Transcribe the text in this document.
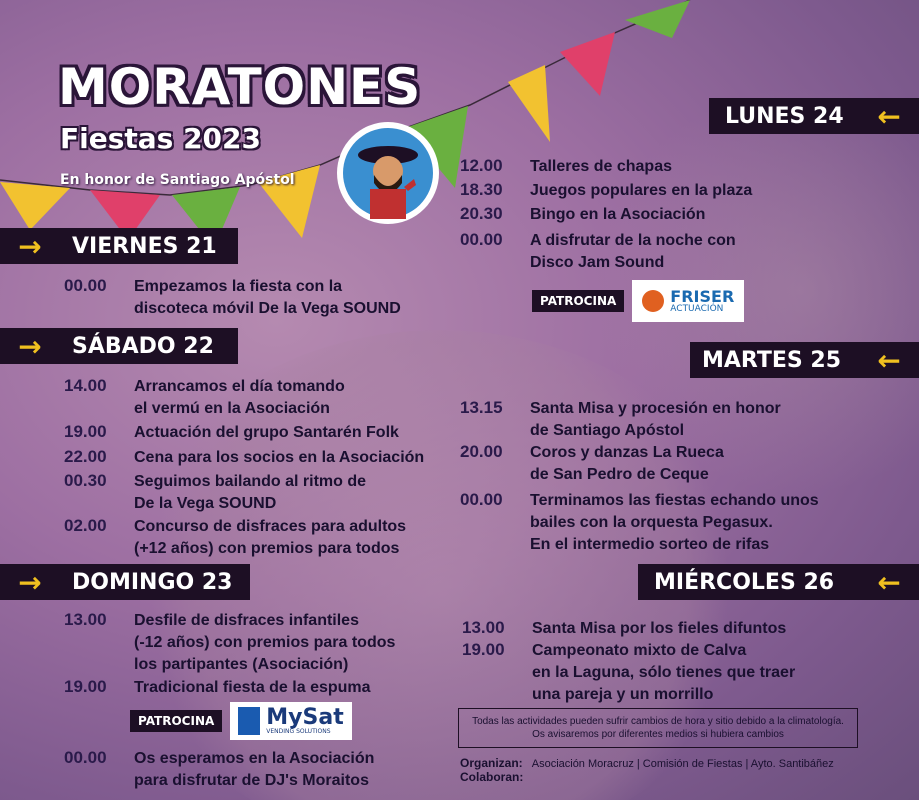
MORATONES
Fiestas 2023
En honor de Santiago Apóstol
→	VIERNES 21
00.00	Empezamos la fiesta con la
discoteca móvil De la Vega SOUND
→	SÁBADO 22
14.00	Arrancamos el día tomando
el vermú en la Asociación
19.00	Actuación del grupo Santarén Folk
22.00	Cena para los socios en la Asociación
00.30	Seguimos bailando al ritmo de
De la Vega SOUND
02.00	Concurso de disfraces para adultos
(+12 años) con premios para todos
→	DOMINGO 23
13.00	Desfile de disfraces infantiles
(-12 años) con premios para todos
los partipantes (Asociación)
19.00	Tradicional fiesta de la espuma
PATROCINA	MySat
VENDING SOLUTIONS
00.00	Os esperamos en la Asociación
para disfrutar de DJ's Moraitos
LUNES 24	←
12.00	Talleres de chapas
18.30	Juegos populares en la plaza
20.30	Bingo en la Asociación
00.00	A disfrutar de la noche con
Disco Jam Sound
PATROCINA	FRISER
ACTUACIÓN
MARTES 25	←
13.15	Santa Misa y procesión en honor
de Santiago Apóstol
20.00	Coros y danzas La Rueca
de San Pedro de Ceque
00.00	Terminamos las fiestas echando unos
bailes con la orquesta Pegasux.
En el intermedio sorteo de rifas
MIÉRCOLES 26	←
13.00	Santa Misa por los fieles difuntos
19.00	Campeonato mixto de Calva
en la Laguna, sólo tienes que traer
una pareja y un morrillo
Todas las actividades pueden sufrir cambios de hora y sitio debido a la climatología. Os avisaremos por diferentes medios si hubiera cambios
Organizan: Asociación Moracruz | Comisión de Fiestas | Ayto. Santibáñez
Colaboran:
